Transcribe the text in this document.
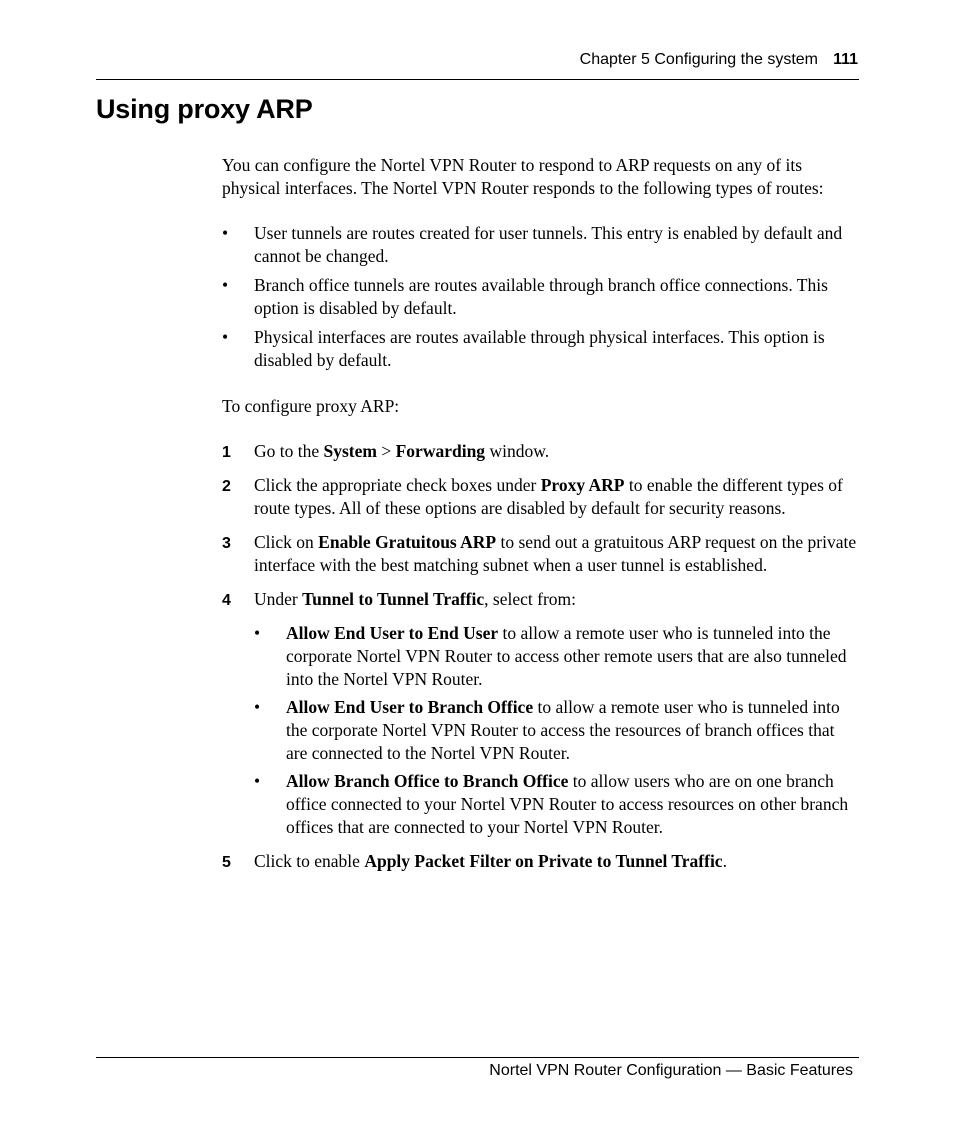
Chapter 5 Configuring the system 111
Using proxy ARP

You can configure the Nortel VPN Router to respond to ARP requests on any of its physical interfaces. The Nortel VPN Router responds to the following types of routes:

• User tunnels are routes created for user tunnels. This entry is enabled by default and cannot be changed.
• Branch office tunnels are routes available through branch office connections. This option is disabled by default.
• Physical interfaces are routes available through physical interfaces. This option is disabled by default.

To configure proxy ARP:

1 Go to the System > Forwarding window.
2 Click the appropriate check boxes under Proxy ARP to enable the different types of route types. All of these options are disabled by default for security reasons.
3 Click on Enable Gratuitous ARP to send out a gratuitous ARP request on the private interface with the best matching subnet when a user tunnel is established.
4 Under Tunnel to Tunnel Traffic, select from:
• Allow End User to End User to allow a remote user who is tunneled into the corporate Nortel VPN Router to access other remote users that are also tunneled into the Nortel VPN Router.
• Allow End User to Branch Office to allow a remote user who is tunneled into the corporate Nortel VPN Router to access the resources of branch offices that are connected to the Nortel VPN Router.
• Allow Branch Office to Branch Office to allow users who are on one branch office connected to your Nortel VPN Router to access resources on other branch offices that are connected to your Nortel VPN Router.
5 Click to enable Apply Packet Filter on Private to Tunnel Traffic.
Nortel VPN Router Configuration — Basic Features
